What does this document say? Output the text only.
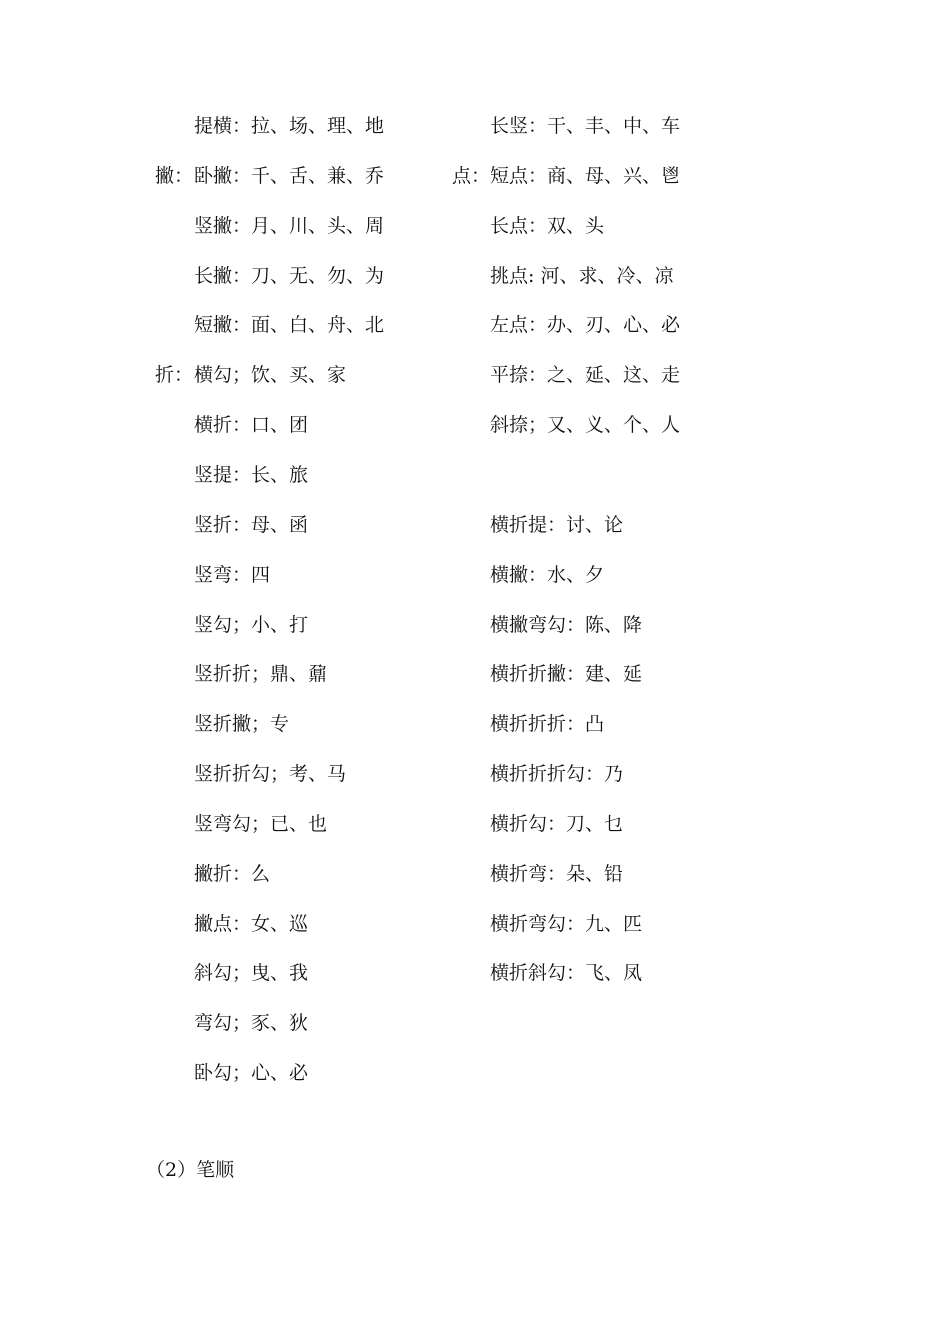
提横：拉、场、理、地
卧撇：千、舌、兼、乔
撇：
竖撇：月、川、头、周
长撇：刀、无、勿、为
短撇：面、白、舟、北
横勾；饮、买、家
折：
横折：口、团
竖提：长、旅
竖折：母、函
竖弯：四
竖勾；小、打
竖折折；鼎、鼐
竖折撇；专
竖折折勾；考、马
竖弯勾；已、也
撇折：么
撇点：女、巡
斜勾；曳、我
弯勾；豕、狄
卧勾；心、必
长竖：干、丰、中、车
短点：商、母、兴、鬯
点：
长点：双、头
挑点: 河、求、冷、凉
左点：办、刃、心、必
平捺：之、延、这、走
斜捺；又、义、个、人
横折提：讨、论
横撇：水、夕
横撇弯勾：陈、降
横折折撇：建、延
横折折折：凸
横折折折勾：乃
横折勾：刀、乜
横折弯：朵、铅
横折弯勾：九、匹
横折斜勾：飞、凤
（2）笔顺
